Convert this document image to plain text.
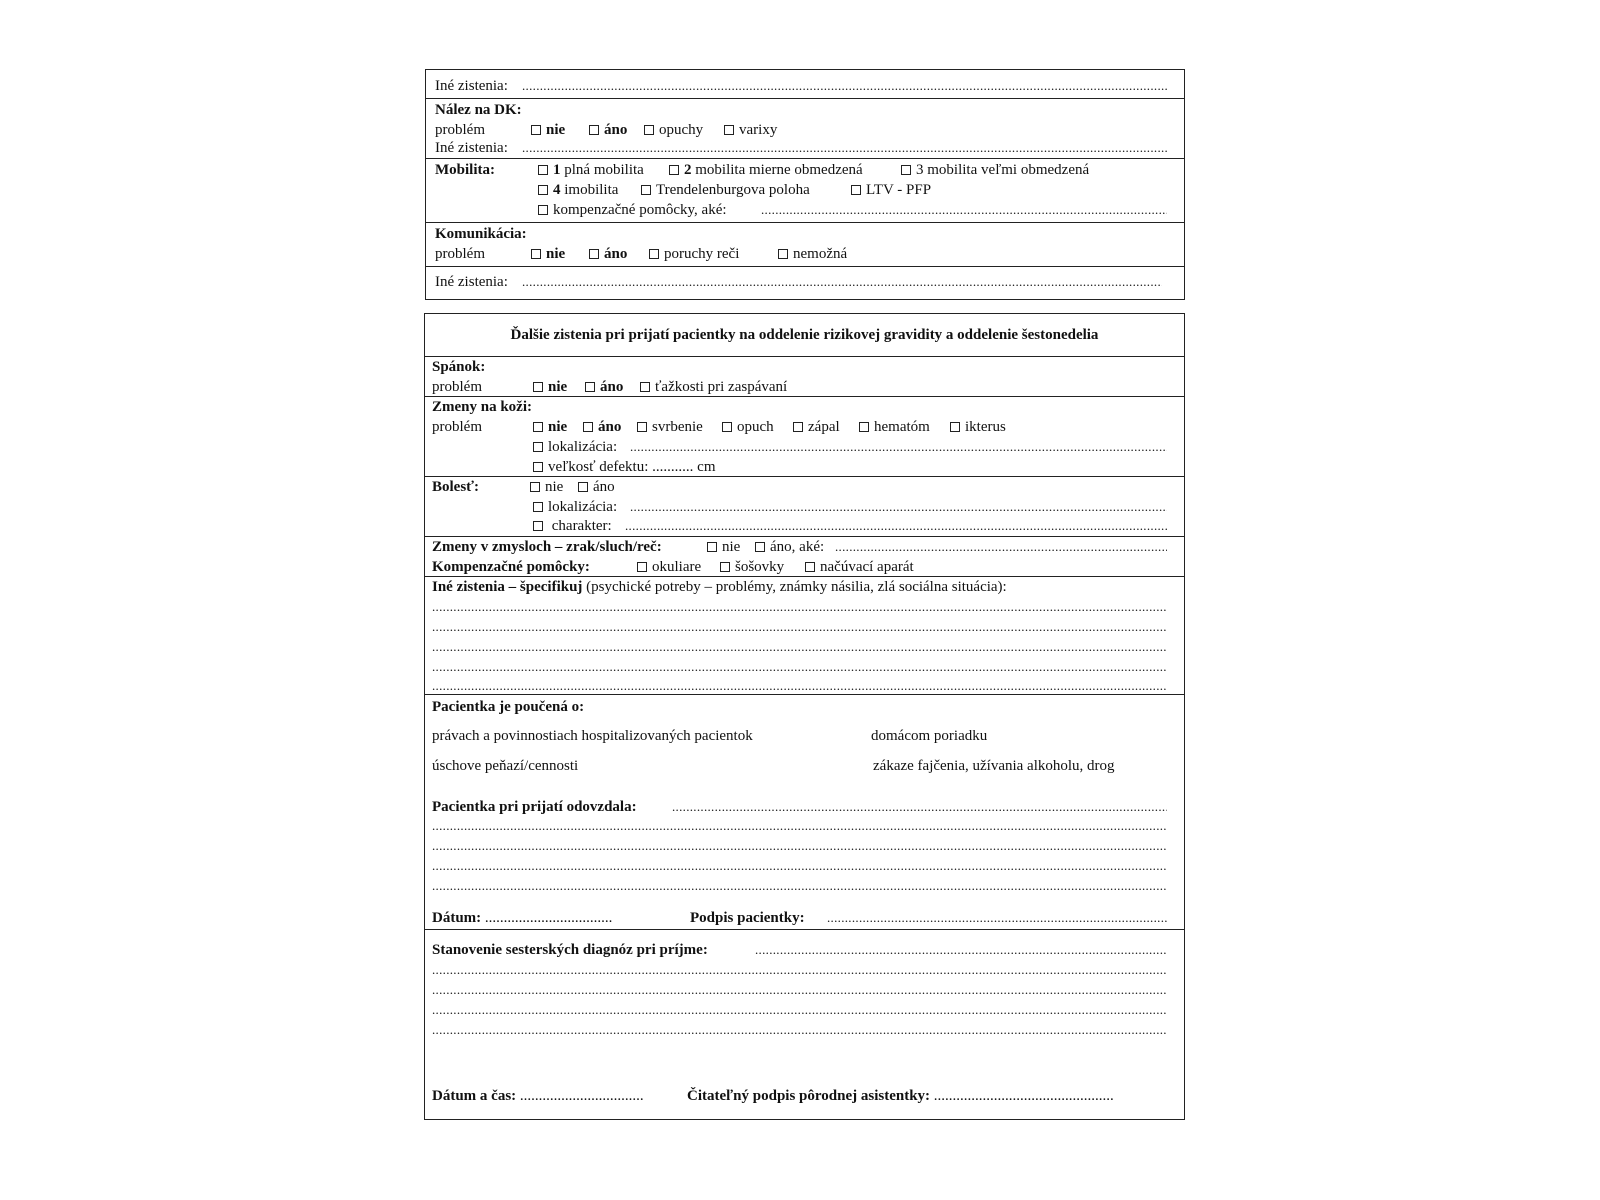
Iné zistenia:
.....
Nález na DK:
problém	nie	áno	opuchy	varixy
Iné zistenia:
.....
Mobilita:	1 plná mobilita	2 mobilita mierne obmedzená	3 mobilita veľmi obmedzená
4 imobilita	Trendelenburgova poloha	LTV - PFP
kompenzačné pomôcky, aké:
.....
Komunikácia:
problém	nie	áno	poruchy reči	nemožná
Iné zistenia:
.....
Ďalšie zistenia pri prijatí pacientky na oddelenie rizikovej gravidity a oddelenie šestonedelia
Spánok:
problém	nie	áno	ťažkosti pri zaspávaní
Zmeny na koži:
problém	nie	áno	svrbenie	opuch	zápal	hematóm	ikterus
lokalizácia:
.....
veľkosť defektu: ........... cm
Bolesť:	nie	áno
lokalizácia:
.....
charakter:
.....
Zmeny v zmysloch – zrak/sluch/reč:	nie	áno, aké:
.....
Kompenzačné pomôcky:	okuliare	šošovky	načúvací aparát
Iné zistenia – špecifikuj (psychické potreby – problémy, známky násilia, zlá sociálna situácia):
.....
.....
.....
.....
.....
Pacientka je poučená o:
právach a povinnostiach hospitalizovaných pacientok	domácom poriadku
úschove peňazí/cennosti	zákaze fajčenia, užívania alkoholu, drog
Pacientka pri prijatí odovzdala:
.....
.....
.....
.....
.....
Dátum: ..................................	Podpis pacientky:
.....
Stanovenie sesterských diagnóz pri príjme:
.....
.....
.....
.....
.....
Dátum a čas: .................................	Čitateľný podpis pôrodnej asistentky: ................................................
